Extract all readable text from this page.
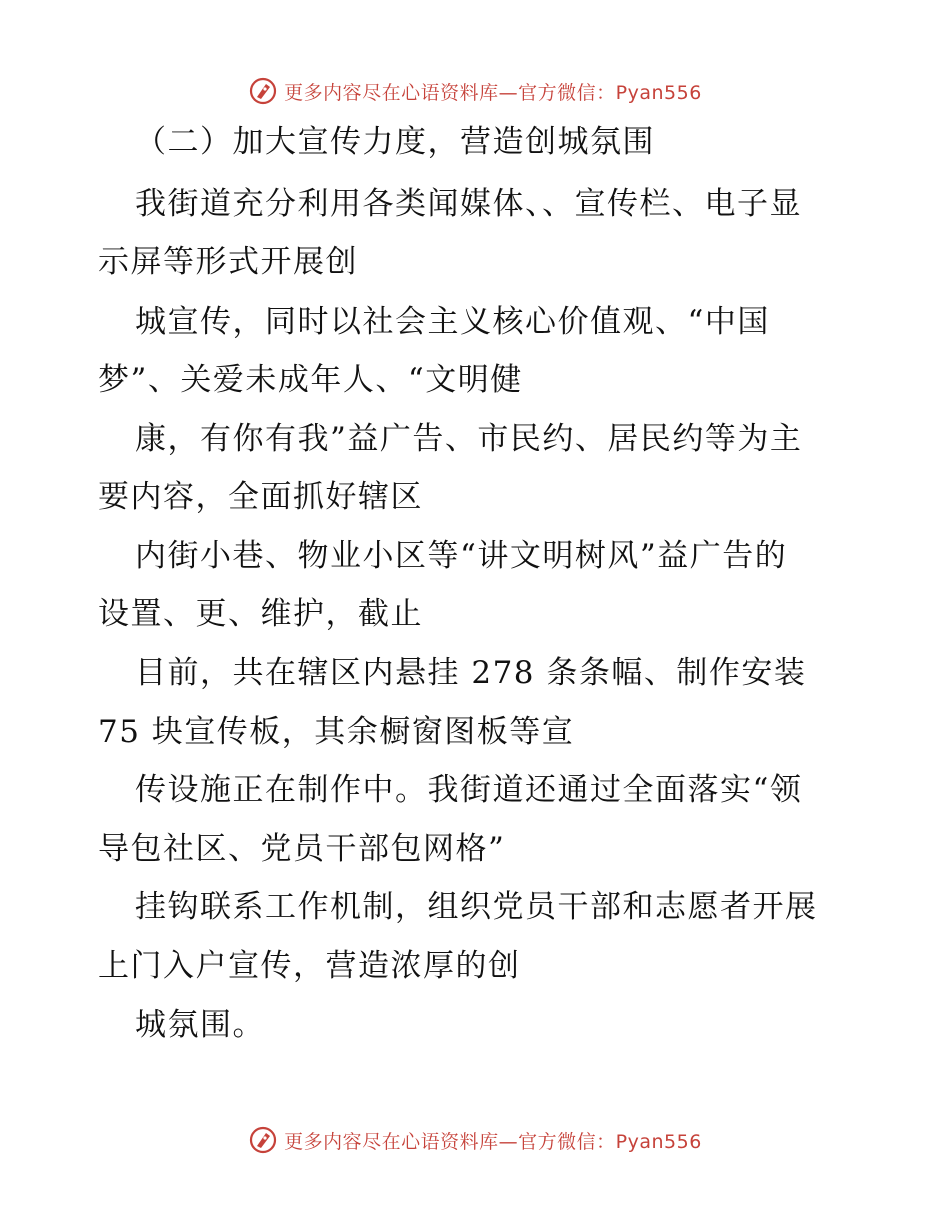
更多内容尽在心语资料库—官方微信：Pyan556
（二）加大宣传力度，营造创城氛围
我街道充分利用各类闻媒体、、宣传栏、电子显
示屏等形式开展创
城宣传，同时以社会主义核心价值观、“中国
梦”、关爱未成年人、“文明健
康，有你有我”益广告、市民约、居民约等为主
要内容，全面抓好辖区
内街小巷、物业小区等“讲文明树风”益广告的
设置、更、维护，截止
目前，共在辖区内悬挂 278 条条幅、制作安装
75 块宣传板，其余橱窗图板等宣
传设施正在制作中。我街道还通过全面落实“领
导包社区、党员干部包网格”
挂钩联系工作机制，组织党员干部和志愿者开展
上门入户宣传，营造浓厚的创
城氛围。
更多内容尽在心语资料库—官方微信：Pyan556
